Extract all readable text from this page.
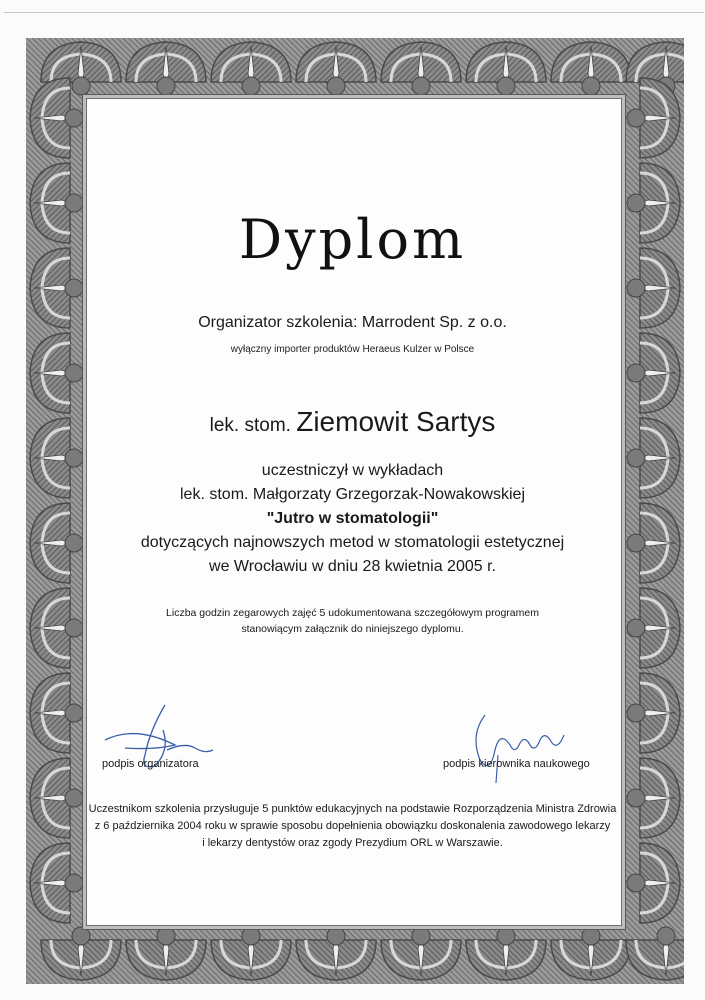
Dyplom
Organizator szkolenia: Marrodent Sp. z o.o.
wyłączny importer produktów Heraeus Kulzer w Polsce
lek. stom. Ziemowit Sartys
uczestniczył w wykładach
lek. stom. Małgorzaty Grzegorzak-Nowakowskiej
"Jutro w stomatologii"
dotyczących najnowszych metod w stomatologii estetycznej
we Wrocławiu w dniu 28 kwietnia 2005 r.
Liczba godzin zegarowych zajęć 5 udokumentowana szczegółowym programem
stanowiącym załącznik do niniejszego dyplomu.
podpis organizatora	podpis kierownika naukowego
Uczestnikom szkolenia przysługuje 5 punktów edukacyjnych na podstawie Rozporządzenia Ministra Zdrowia
z 6 października 2004 roku w sprawie sposobu dopełnienia obowiązku doskonalenia zawodowego lekarzy
i lekarzy dentystów oraz zgody Prezydium ORL w Warszawie.
